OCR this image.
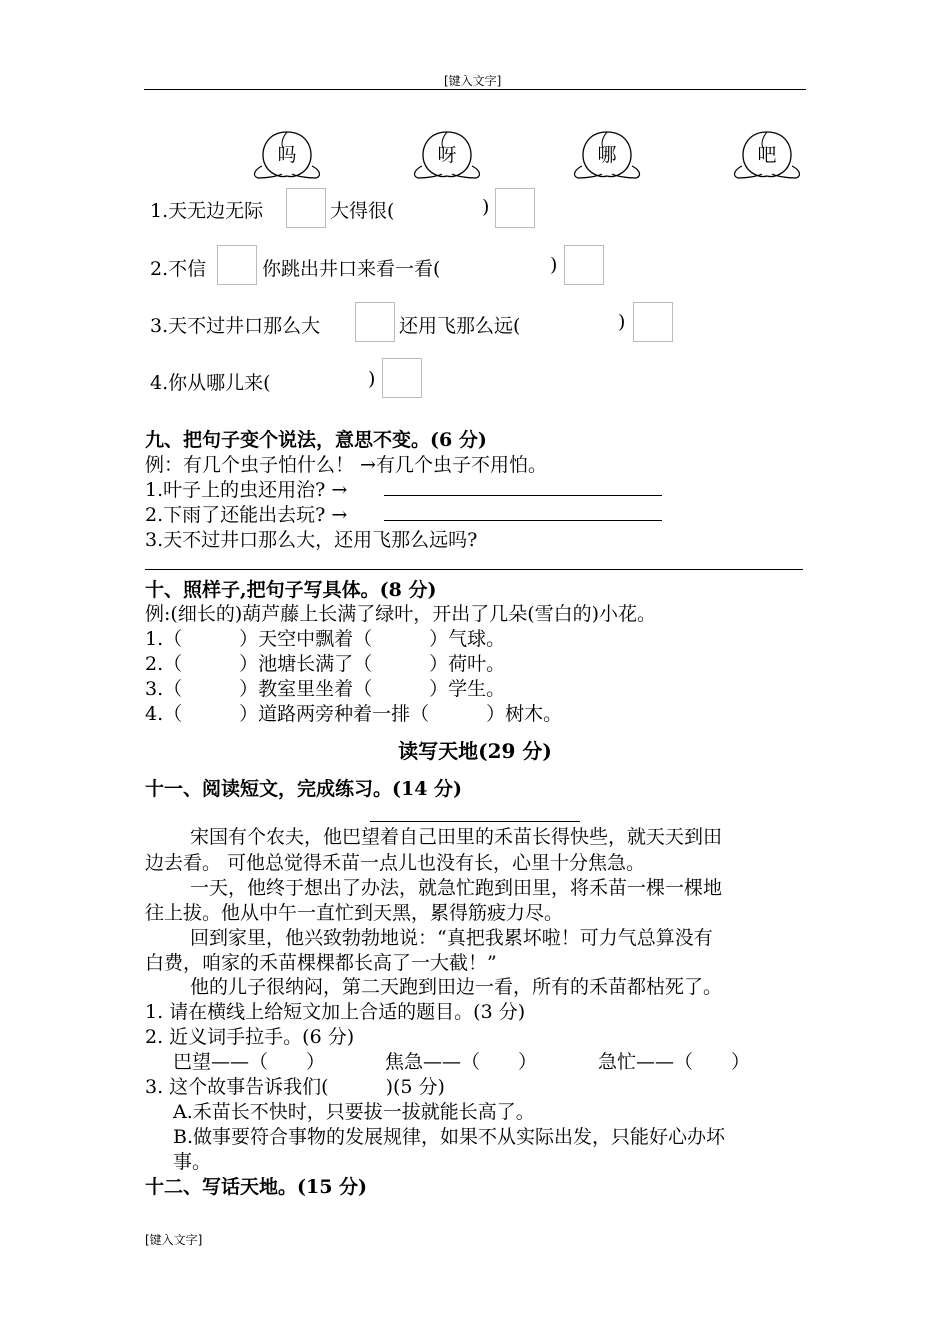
[键入文字]
吗	呀	哪	吧
1.天无边无际	大得很(	)
2.不信	你跳出井口来看一看(	)
3.天不过井口那么大	还用飞那么远(	)
4.你从哪儿来(	)
九、把句子变个说法，意思不变。(6 分)
例：有几个虫子怕什么！ →有几个虫子不用怕。
1.叶子上的虫还用治? →
2.下雨了还能出去玩? →
3.天不过井口那么大，还用飞那么远吗?
十、照样子,把句子写具体。(8 分)
例:(细长的)葫芦藤上长满了绿叶，开出了几朵(雪白的)小花。
1.（　　　）天空中飘着（　　　）气球。
2.（　　　）池塘长满了（　　　）荷叶。
3.（　　　）教室里坐着（　　　）学生。
4.（　　　）道路两旁种着一排（　　　）树木。
读写天地(29 分)
十一、阅读短文，完成练习。(14 分)
宋国有个农夫，他巴望着自己田里的禾苗长得快些，就天天到田
边去看。 可他总觉得禾苗一点儿也没有长，心里十分焦急。
一天，他终于想出了办法，就急忙跑到田里，将禾苗一棵一棵地
往上拔。他从中午一直忙到天黑，累得筋疲力尽。
回到家里，他兴致勃勃地说：“真把我累坏啦！可力气总算没有
白费，咱家的禾苗棵棵都长高了一大截！”
他的儿子很纳闷，第二天跑到田边一看，所有的禾苗都枯死了。
1. 请在横线上给短文加上合适的题目。(3 分)
2. 近义词手拉手。(6 分)
巴望——（　　）	焦急——（　　）	急忙——（　　）
3. 这个故事告诉我们(　　　)(5 分)
A.禾苗长不快时，只要拔一拔就能长高了。
B.做事要符合事物的发展规律，如果不从实际出发，只能好心办坏
事。
十二、写话天地。(15 分)
[键入文字]
